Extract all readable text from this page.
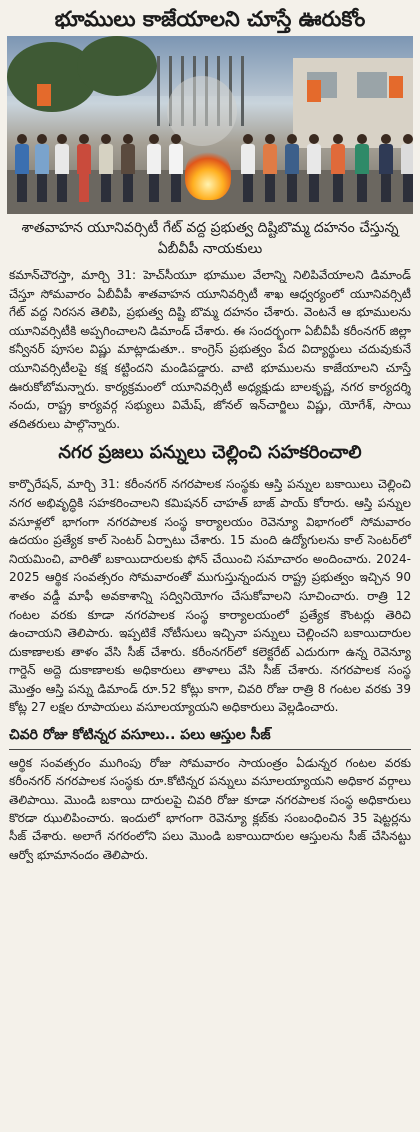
భూములు కాజేయాలని చూస్తే ఊరుకోం

శాతవాహన యూనివర్సిటీ గేట్ వద్ద ప్రభుత్వ దిష్టిబొమ్మ దహనం చేస్తున్న ఏబీవీపీ నాయకులు

కమాన్‌చౌరస్తా, మార్చి 31: హెచ్‌సీయూ భూముల వేలాన్ని నిలిపివేయాలని డిమాండ్ చేస్తూ సోమవారం ఏబీవీపీ శాతవాహన యూనివర్సిటీ శాఖ ఆధ్వర్యంలో యూనివర్సిటీ గేట్ వద్ద నిరసన తెలిపి, ప్రభుత్వ దిష్టి బొమ్మ దహనం చేశారు. వెంటనే ఆ భూములను యూనివర్సిటీకి అప్పగించాలని డిమాండ్ చేశారు. ఈ సందర్భంగా ఏబీవీపీ కరీంనగర్ జిల్లా కన్వీనర్ పూసల విష్ణు మాట్లాడుతూ.. కాంగ్రెస్ ప్రభుత్వం పేద విద్యార్థులు చదువుకునే యూనివర్సిటీలపై కక్ష కట్టిందని మండిపడ్డారు. వాటి భూములను కాజేయాలని చూస్తే ఊరుకోబోమన్నారు. కార్యక్రమంలో యూనివర్సిటీ అధ్యక్షుడు బాలకృష్ణ, నగర కార్యదర్శి నందు, రాష్ట్ర కార్యవర్గ సభ్యులు విమేష్, జోనల్ ఇన్‌చార్జిలు విష్ణు, యోగేశ్, సాయి తదితరులు పాల్గొన్నారు.

నగర ప్రజలు పన్నులు చెల్లించి సహకరించాలి

కార్పొరేషన్, మార్చి 31: కరీంనగర్ నగరపాలక సంస్థకు ఆస్తి పన్నుల బకాయిలు చెల్లించి నగర అభివృద్ధికి సహకరించాలని కమిషనర్ చాహత్ బాజ్ పాయ్ కోరారు. ఆస్తి పన్నుల వసూళ్లలో భాగంగా నగరపాలక సంస్థ కార్యాలయం రెవెన్యూ విభాగంలో సోమవారం ఉదయం ప్రత్యేక కాల్ సెంటర్ ఏర్పాటు చేశారు. 15 మంది ఉద్యోగులను కాల్ సెంటర్‌లో నియమించి, వారితో బకాయిదారులకు ఫోన్ చేయించి సమాచారం అందించారు. 2024-2025 ఆర్థిక సంవత్సరం సోమవారంతో ముగుస్తున్నందున రాష్ట్ర ప్రభుత్వం ఇచ్చిన 90 శాతం వడ్డీ మాఫీ అవకాశాన్ని సద్వినియోగం చేసుకోవాలని సూచించారు. రాత్రి 12 గంటల వరకు కూడా నగరపాలక సంస్థ కార్యాలయంలో ప్రత్యేక కౌంటర్లు తెరిచి ఉంచాయని తెలిపారు. ఇప్పటికే నోటీసులు ఇచ్చినా పన్నులు చెల్లించని బకాయిదారుల దుకాణాలకు తాళం వేసి సీజ్ చేశారు. కరీంనగర్‌లో కలెక్టరేట్ ఎదురుగా ఉన్న రెవెన్యూ గార్డెన్ అద్దె దుకాణాలకు అధికారులు తాళాలు వేసి సీజ్ చేశారు. నగరపాలక సంస్థ మొత్తం ఆస్తి పన్ను డిమాండ్ రూ.52 కోట్లు కాగా, చివరి రోజు రాత్రి 8 గంటల వరకు 39 కోట్ల 27 లక్షల రూపాయలు వసూలయ్యాయని అధికారులు వెల్లడించారు.

చివరి రోజు కోటిన్నర వసూలు.. పలు ఆస్తుల సీజ్

ఆర్థిక సంవత్సరం ముగింపు రోజు సోమవారం సాయంత్రం ఏడున్నర గంటల వరకు కరీంనగర్ నగరపాలక సంస్థకు రూ.కోటిన్నర పన్నులు వసూలయ్యాయని అధికార వర్గాలు తెలిపాయి. మొండి బకాయి దారులపై చివరి రోజు కూడా నగరపాలక సంస్థ అధికారులు కొరడా ఝులిపించారు. ఇందులో భాగంగా రెవెన్యూ క్లబ్‌కు సంబంధించిన 35 షెట్టర్లను సీజ్ చేశారు. అలాగే నగరంలోని పలు మొండి బకాయిదారుల ఆస్తులను సీజ్ చేసినట్టు ఆర్వో భూమానందం తెలిపారు.
